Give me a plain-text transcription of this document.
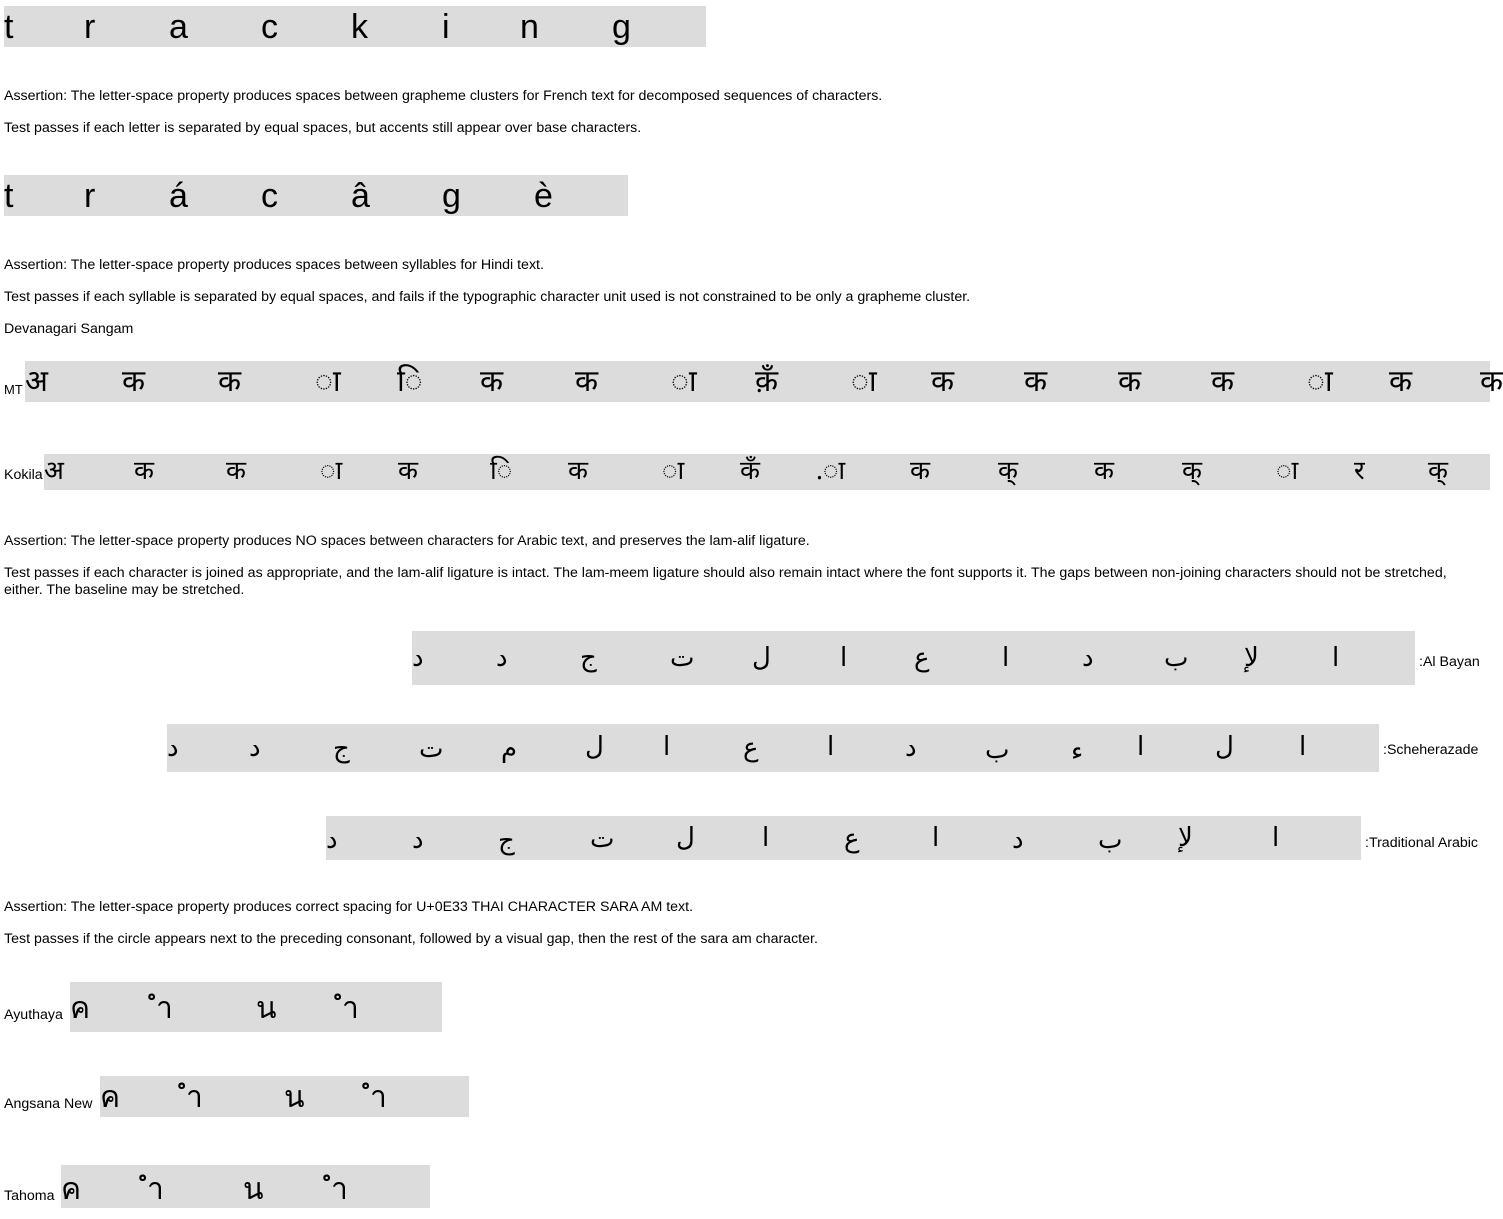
t r a c k i n g
Assertion: The letter-space property produces spaces between grapheme clusters for French text for decomposed sequences of characters.
Test passes if each letter is separated by equal spaces, but accents still appear over base characters.
t r á c â g è
Assertion: The letter-space property produces spaces between syllables for Hindi text.
Test passes if each syllable is separated by equal spaces, and fails if the typographic character unit used is not constrained to be only a grapheme cluster.
Devanagari Sangam
MT अ क क ा ि क क ा क़ँ ा क क क क ा क क
Kokila अ	क	क	ा क	ि क	ा कँ .ा क	क्	क	क्	ा र क्
Assertion: The letter-space property produces NO spaces between characters for Arabic text, and preserves the lam-alif ligature.
Test passes if each character is joined as appropriate, and the lam-alif ligature is intact. The lam-meem ligature should also remain intact where the font supports it. The gaps between non-joining characters should not be stretched, either. The baseline may be stretched.
ا
لإ
ب
د
ا
ع
ا
ل
ت
ج
د
د	:Al Bayan
ا
ل
ا
ء
ب
د
ا
ع
ا
ل
م
ت
ج
د
د	:Scheherazade
ا
لإ
ب
د
ا
ع
ا
ل
ت
ج
د
د	:Traditional Arabic
Assertion: The letter-space property produces correct spacing for U+0E33 THAI CHARACTER SARA AM text.
Test passes if the circle appears next to the preceding consonant, followed by a visual gap, then the rest of the sara am character.
Ayuthaya ค ํา	น ํา
Angsana New ค ํา	น ํา
Tahoma ค ํา	น ํา
